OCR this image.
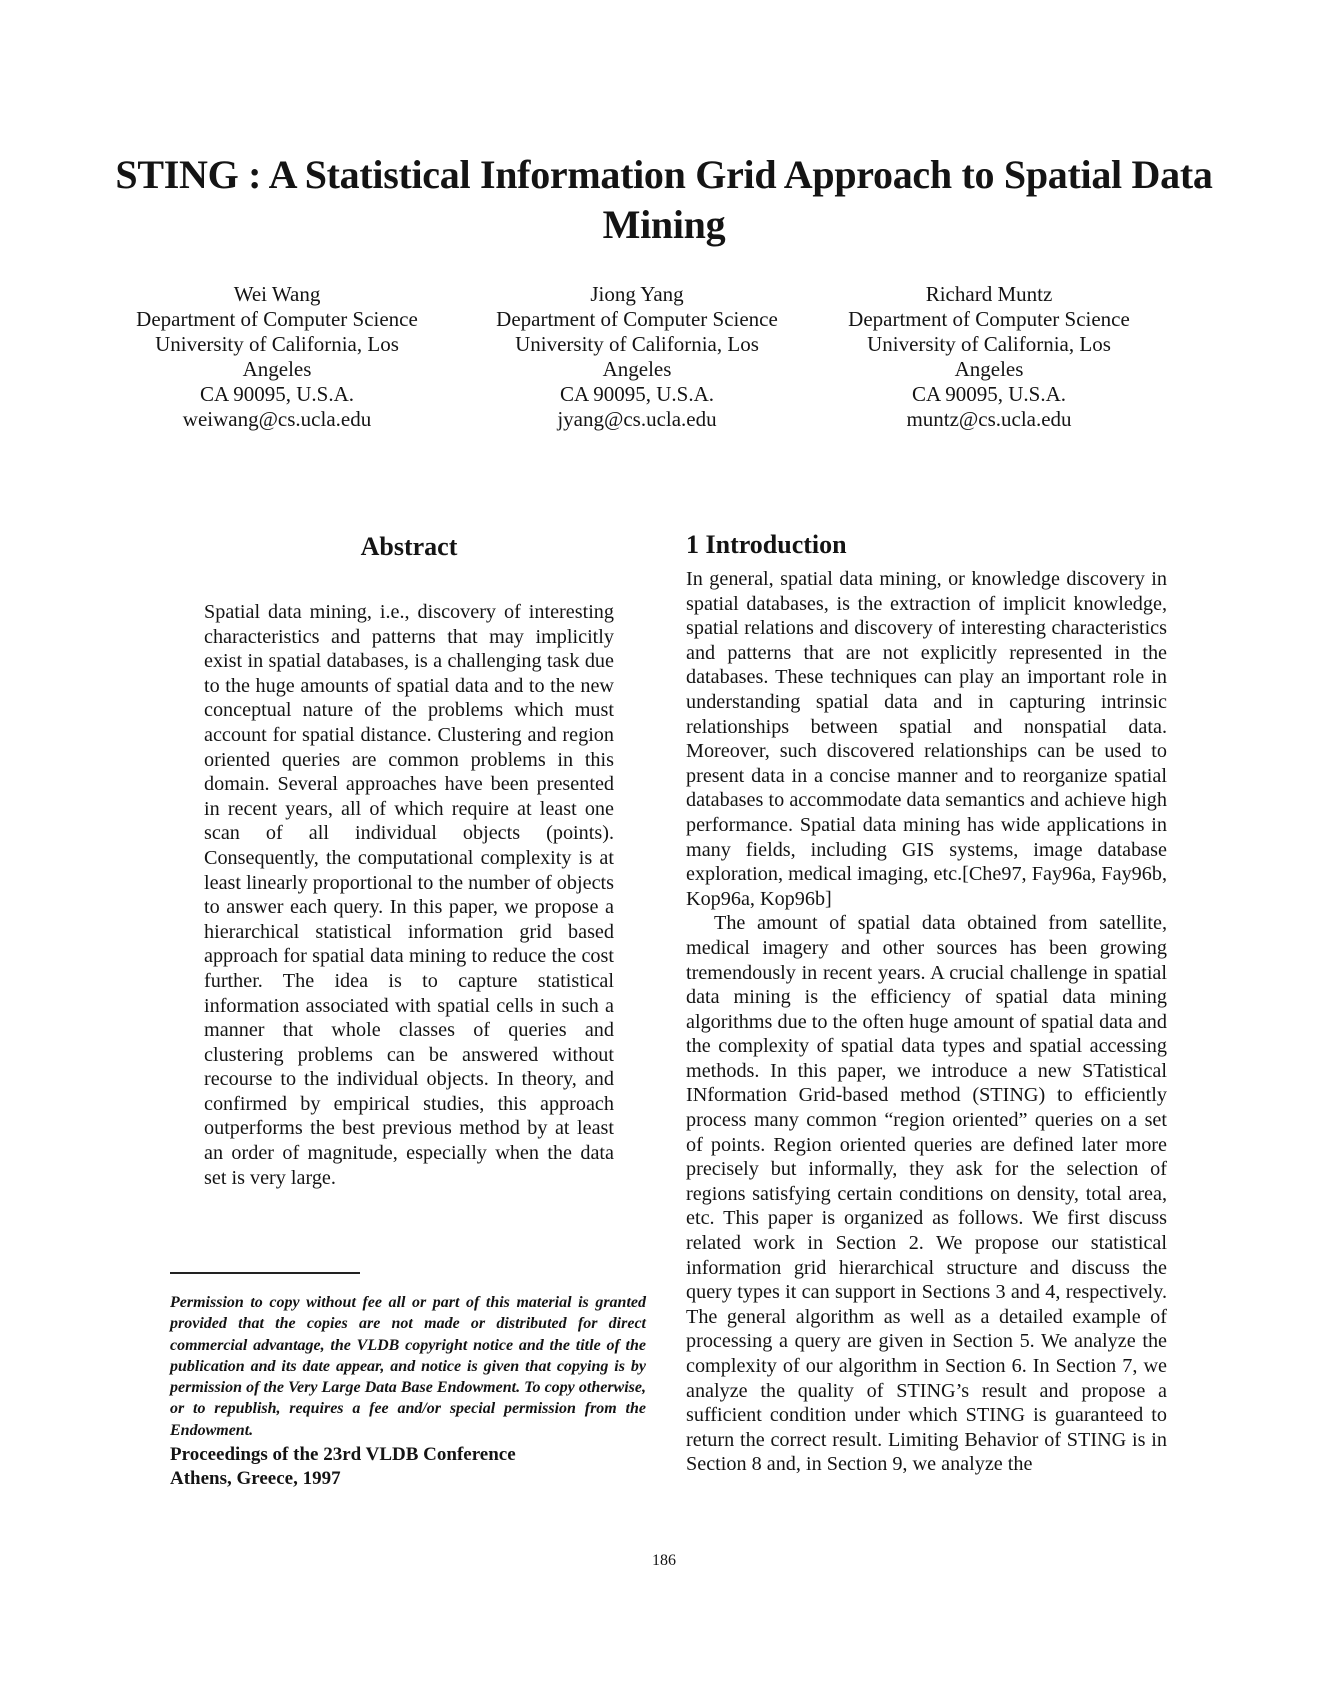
STING : A Statistical Information Grid Approach to Spatial Data Mining
Wei Wang
Department of Computer Science
University of California, Los
Angeles
CA 90095, U.S.A.
weiwang@cs.ucla.edu
Jiong Yang
Department of Computer Science
University of California, Los
Angeles
CA 90095, U.S.A.
jyang@cs.ucla.edu
Richard Muntz
Department of Computer Science
University of California, Los
Angeles
CA 90095, U.S.A.
muntz@cs.ucla.edu
Abstract

Spatial data mining, i.e., discovery of interesting characteristics and patterns that may implicitly exist in spatial databases, is a challenging task due to the huge amounts of spatial data and to the new conceptual nature of the problems which must account for spatial distance. Clustering and region oriented queries are common problems in this domain. Several approaches have been presented in recent years, all of which require at least one scan of all individual objects (points). Consequently, the computational complexity is at least linearly proportional to the number of objects to answer each query. In this paper, we propose a hierarchical statistical information grid based approach for spatial data mining to reduce the cost further. The idea is to capture statistical information associated with spatial cells in such a manner that whole classes of queries and clustering problems can be answered without recourse to the individual objects. In theory, and confirmed by empirical studies, this approach outperforms the best previous method by at least an order of magnitude, especially when the data set is very large.

1 Introduction

In general, spatial data mining, or knowledge discovery in spatial databases, is the extraction of implicit knowledge, spatial relations and discovery of interesting characteristics and patterns that are not explicitly represented in the databases. These techniques can play an important role in understanding spatial data and in capturing intrinsic relationships between spatial and nonspatial data. Moreover, such discovered relationships can be used to present data in a concise manner and to reorganize spatial databases to accommodate data semantics and achieve high performance. Spatial data mining has wide applications in many fields, including GIS systems, image database exploration, medical imaging, etc.[Che97, Fay96a, Fay96b, Kop96a, Kop96b]

The amount of spatial data obtained from satellite, medical imagery and other sources has been growing tremendously in recent years. A crucial challenge in spatial data mining is the efficiency of spatial data mining algorithms due to the often huge amount of spatial data and the complexity of spatial data types and spatial accessing methods. In this paper, we introduce a new STatistical INformation Grid-based method (STING) to efficiently process many common “region oriented” queries on a set of points. Region oriented queries are defined later more precisely but informally, they ask for the selection of regions satisfying certain conditions on density, total area, etc. This paper is organized as follows. We first discuss related work in Section 2. We propose our statistical information grid hierarchical structure and discuss the query types it can support in Sections 3 and 4, respectively. The general algorithm as well as a detailed example of processing a query are given in Section 5. We analyze the complexity of our algorithm in Section 6. In Section 7, we analyze the quality of STING’s result and propose a sufficient condition under which STING is guaranteed to return the correct result. Limiting Behavior of STING is in Section 8 and, in Section 9, we analyze the

Permission to copy without fee all or part of this material is granted provided that the copies are not made or distributed for direct commercial advantage, the VLDB copyright notice and the title of the publication and its date appear, and notice is given that copying is by permission of the Very Large Data Base Endowment. To copy otherwise, or to republish, requires a fee and/or special permission from the Endowment.

Proceedings of the 23rd VLDB Conference
Athens, Greece, 1997
186
